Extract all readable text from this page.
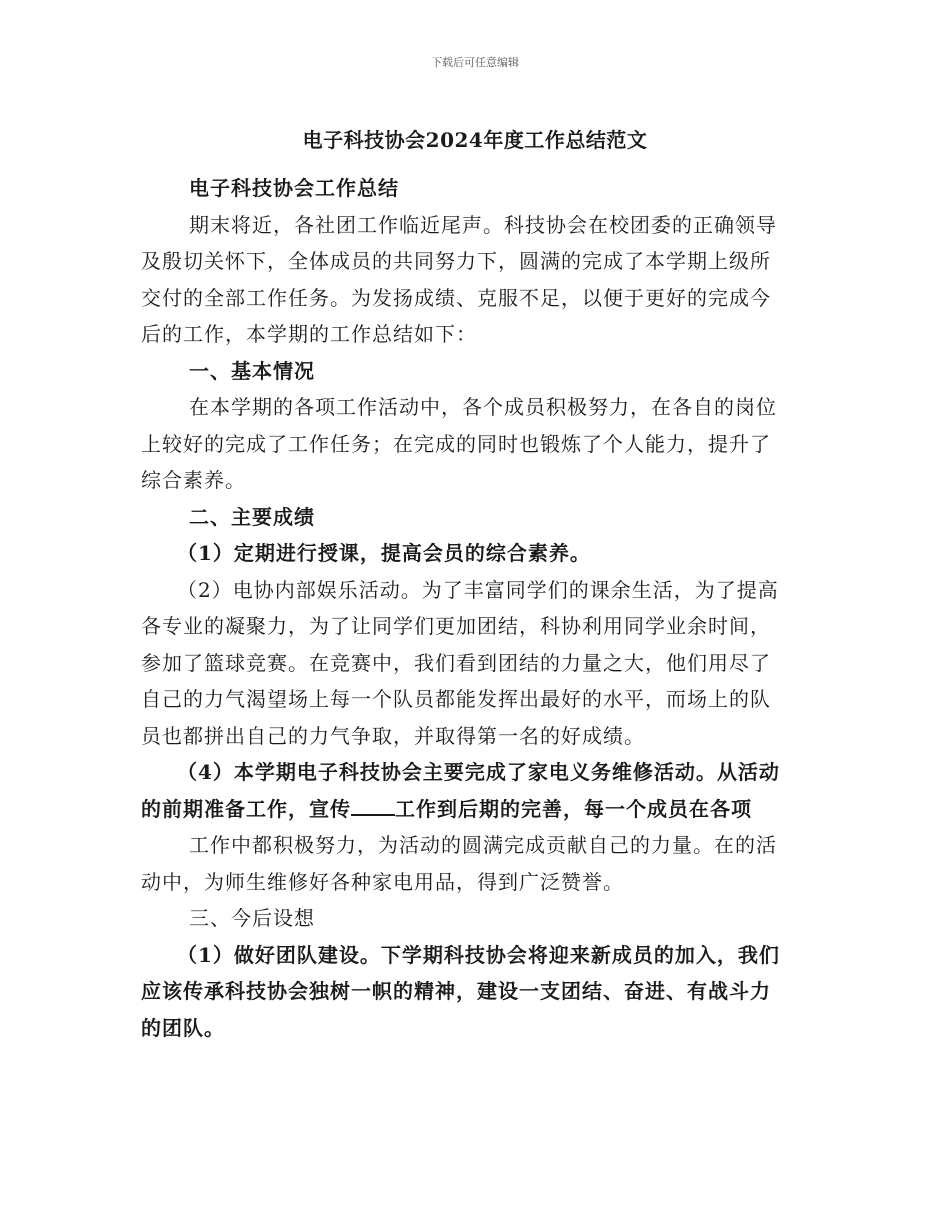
下载后可任意编辑
电子科技协会2024年度工作总结范文

电子科技协会工作总结

期末将近，各社团工作临近尾声。科技协会在校团委的正确领导
及殷切关怀下，全体成员的共同努力下，圆满的完成了本学期上级所
交付的全部工作任务。为发扬成绩、克服不足，以便于更好的完成今
后的工作，本学期的工作总结如下：

一、基本情况

在本学期的各项工作活动中，各个成员积极努力，在各自的岗位
上较好的完成了工作任务；在完成的同时也锻炼了个人能力，提升了
综合素养。

二、主要成绩

（1）定期进行授课，提高会员的综合素养。
（2）电协内部娱乐活动。为了丰富同学们的课余生活，为了提高
各专业的凝聚力，为了让同学们更加团结，科协利用同学业余时间，
参加了篮球竞赛。在竞赛中，我们看到团结的力量之大，他们用尽了
自己的力气渴望场上每一个队员都能发挥出最好的水平，而场上的队
员也都拼出自己的力气争取，并取得第一名的好成绩。
（4）本学期电子科技协会主要完成了家电义务维修活动。从活动
的前期准备工作，宣传 工作到后期的完善，每一个成员在各项
工作中都积极努力，为活动的圆满完成贡献自己的力量。在的活
动中，为师生维修好各种家电用品，得到广泛赞誉。

三、今后设想

（1）做好团队建设。下学期科技协会将迎来新成员的加入，我们
应该传承科技协会独树一帜的精神，建设一支团结、奋进、有战斗力
的团队。
